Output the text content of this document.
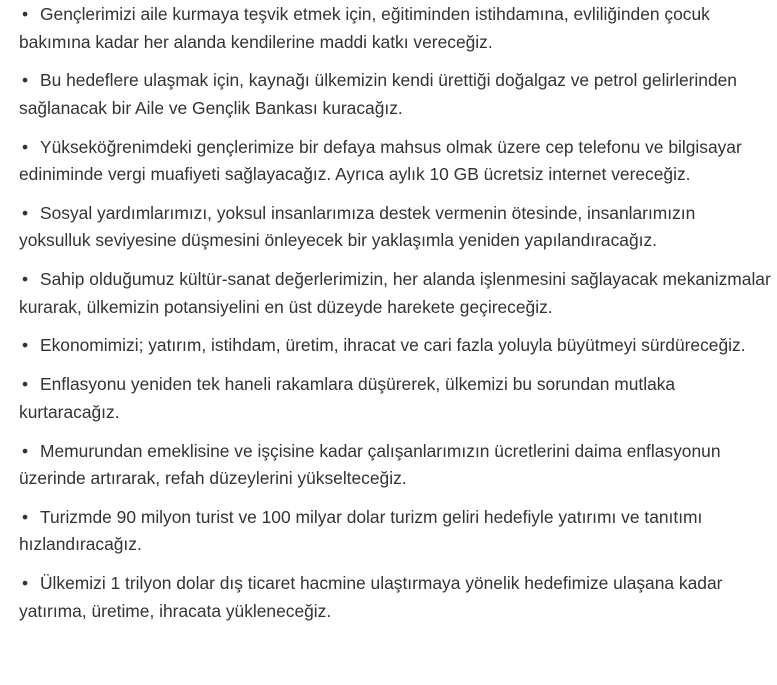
• Gençlerimizi aile kurmaya teşvik etmek için, eğitiminden istihdamına, evliliğinden çocuk bakımına kadar her alanda kendilerine maddi katkı vereceğiz.
• Bu hedeflere ulaşmak için, kaynağı ülkemizin kendi ürettiği doğalgaz ve petrol gelirlerinden sağlanacak bir Aile ve Gençlik Bankası kuracağız.
• Yükseköğrenimdeki gençlerimize bir defaya mahsus olmak üzere cep telefonu ve bilgisayar ediniminde vergi muafiyeti sağlayacağız. Ayrıca aylık 10 GB ücretsiz internet vereceğiz.
• Sosyal yardımlarımızı, yoksul insanlarımıza destek vermenin ötesinde, insanlarımızın yoksulluk seviyesine düşmesini önleyecek bir yaklaşımla yeniden yapılandıracağız.
• Sahip olduğumuz kültür-sanat değerlerimizin, her alanda işlenmesini sağlayacak mekanizmalar kurarak, ülkemizin potansiyelini en üst düzeyde harekete geçireceğiz.
• Ekonomimizi; yatırım, istihdam, üretim, ihracat ve cari fazla yoluyla büyütmeyi sürdüreceğiz.
• Enflasyonu yeniden tek haneli rakamlara düşürerek, ülkemizi bu sorundan mutlaka kurtaracağız.
• Memurundan emeklisine ve işçisine kadar çalışanlarımızın ücretlerini daima enflasyonun üzerinde artırarak, refah düzeylerini yükselteceğiz.
• Turizmde 90 milyon turist ve 100 milyar dolar turizm geliri hedefiyle yatırımı ve tanıtımı hızlandıracağız.
• Ülkemizi 1 trilyon dolar dış ticaret hacmine ulaştırmaya yönelik hedefimize ulaşana kadar yatırıma, üretime, ihracata yükleneceğiz.
